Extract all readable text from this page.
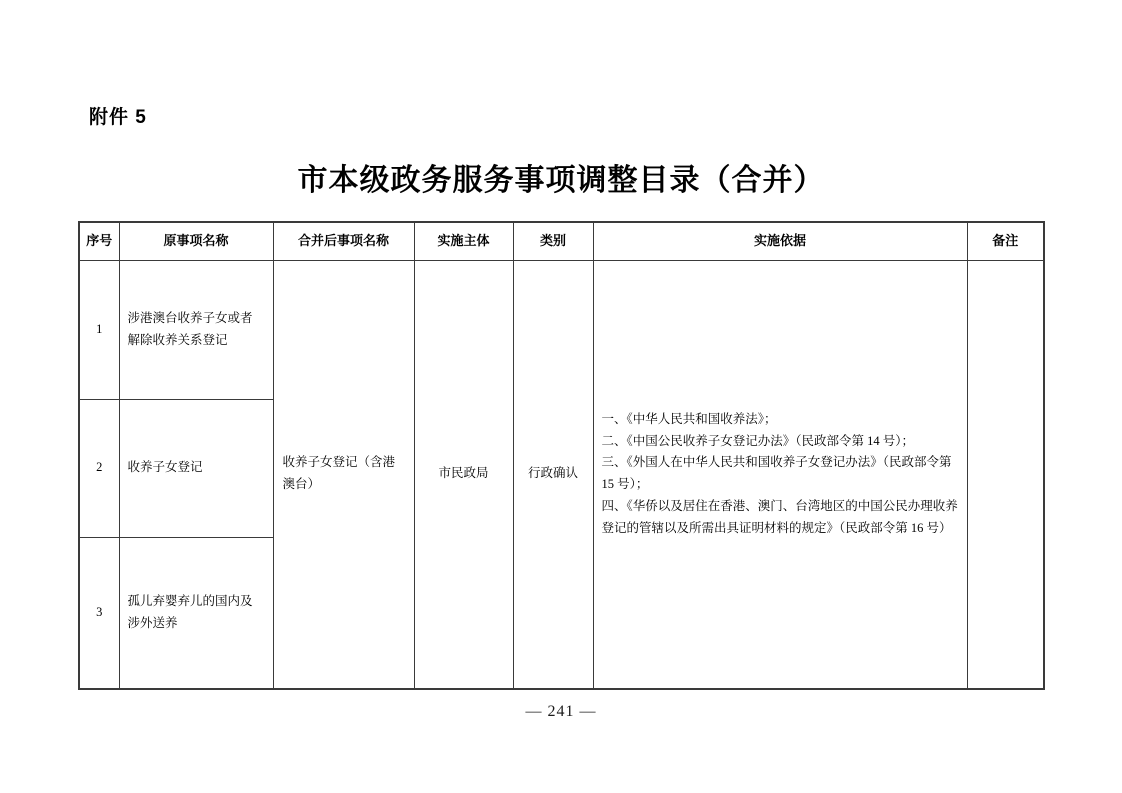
附件 5
市本级政务服务事项调整目录（合并）
序号	原事项名称	合并后事项名称	实施主体	类别	实施依据	备注
1	涉港澳台收养子女或者解除收养关系登记	收养子女登记（含港澳台）	市民政局	行政确认	一、《中华人民共和国收养法》；
二、《中国公民收养子女登记办法》（民政部令第 14 号）；
三、《外国人在中华人民共和国收养子女登记办法》（民政部令第 15 号）；
四、《华侨以及居住在香港、澳门、台湾地区的中国公民办理收养登记的管辖以及所需出具证明材料的规定》（民政部令第 16 号）	

2	收养子女登记					
3	孤儿弃婴弃儿的国内及涉外送养					
— 241 —
